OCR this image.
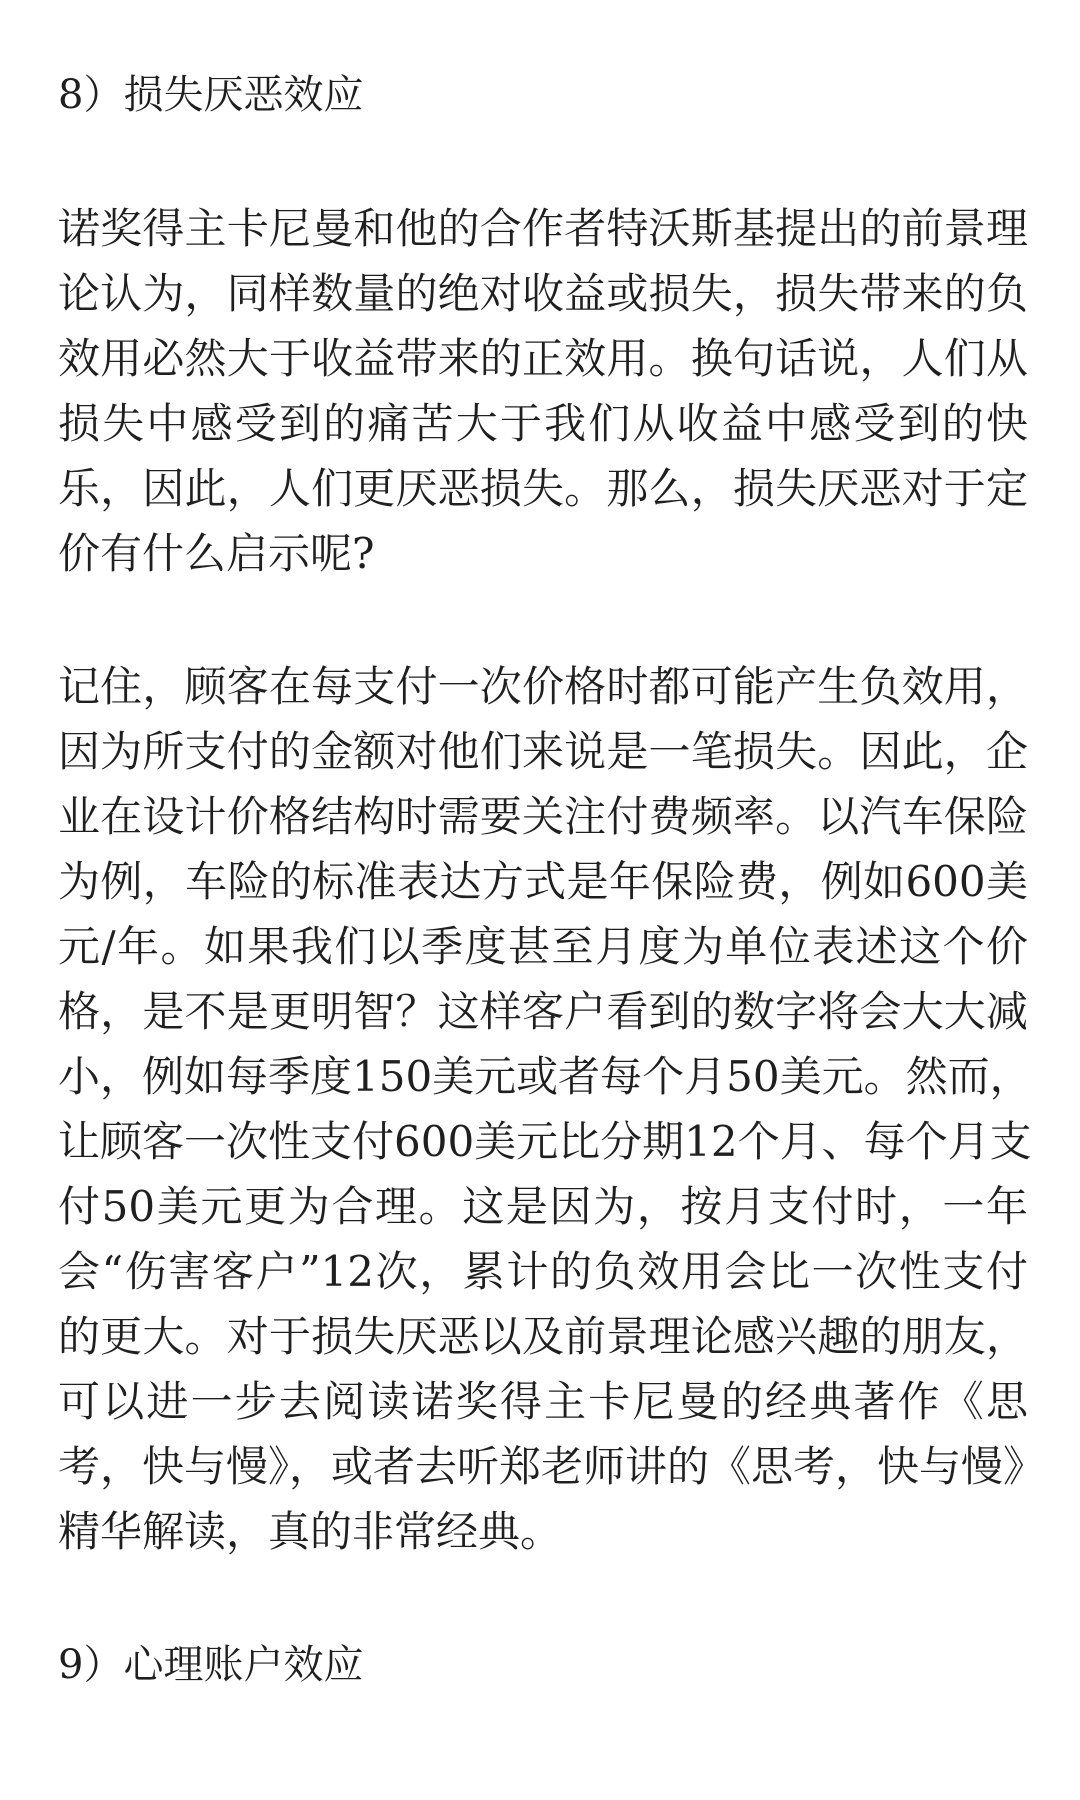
8）损失厌恶效应

诺奖得主卡尼曼和他的合作者特沃斯基提出的前景理
论认为，同样数量的绝对收益或损失，损失带来的负
效用必然大于收益带来的正效用。换句话说，人们从
损失中感受到的痛苦大于我们从收益中感受到的快
乐，因此，人们更厌恶损失。那么，损失厌恶对于定
价有什么启示呢?

记住，顾客在每支付一次价格时都可能产生负效用，
因为所支付的金额对他们来说是一笔损失。因此，企
业在设计价格结构时需要关注付费频率。以汽车保险
为例，车险的标准表达方式是年保险费，例如600美
元/年。如果我们以季度甚至月度为单位表述这个价
格，是不是更明智？这样客户看到的数字将会大大减
小，例如每季度150美元或者每个月50美元。然而，
让顾客一次性支付600美元比分期12个月、每个月支
付50美元更为合理。这是因为，按月支付时，一年
会“伤害客户”12次，累计的负效用会比一次性支付
的更大。对于损失厌恶以及前景理论感兴趣的朋友，
可以进一步去阅读诺奖得主卡尼曼的经典著作《思
考，快与慢》，或者去听郑老师讲的《思考，快与慢》
精华解读，真的非常经典。

9）心理账户效应
